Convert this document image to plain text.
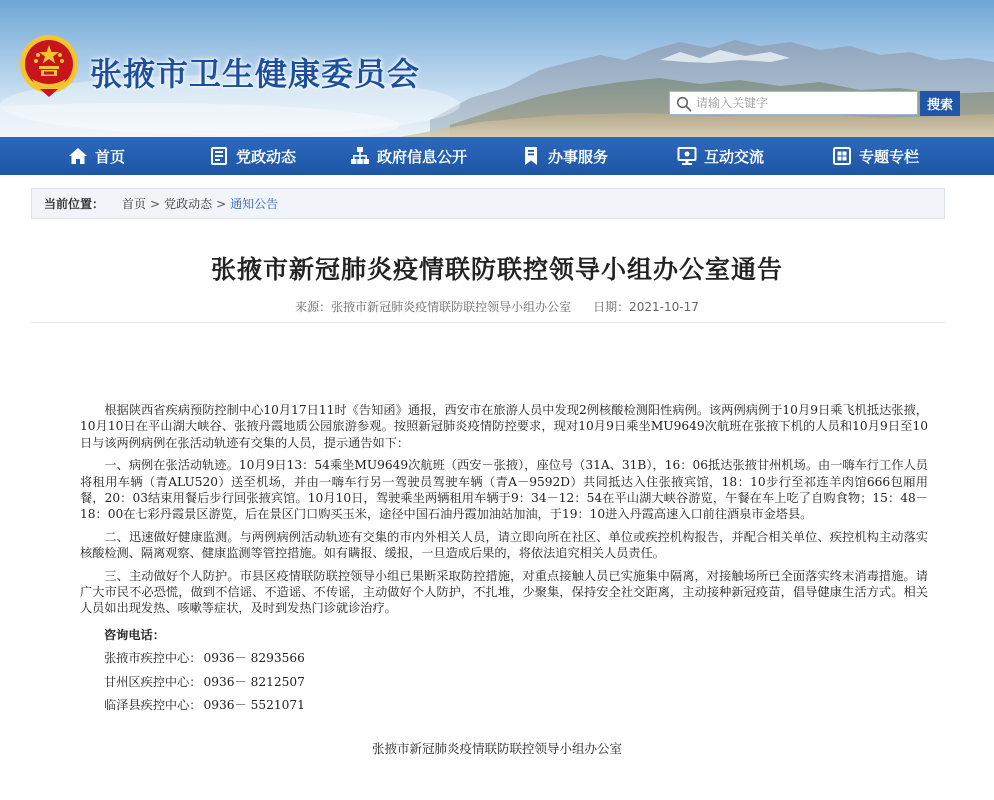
张掖市卫生健康委员会
请输入关键字
搜索
首页	党政动态	政府信息公开	办事服务	互动交流	专题专栏
当前位置： 首页 > 党政动态 > 通知公告
张掖市新冠肺炎疫情联防联控领导小组办公室通告
来源：张掖市新冠肺炎疫情联防联控领导小组办公室 日期：2021-10-17

根据陕西省疾病预防控制中心10月17日11时《告知函》通报，西安市在旅游人员中发现2例核酸检测阳性病例。该两例病例于10月9日乘飞机抵达张掖，10月10日在平山湖大峡谷、张掖丹霞地质公园旅游参观。按照新冠肺炎疫情防控要求，现对10月9日乘坐MU9649次航班在张掖下机的人员和10月9日至10日与该两例病例在张活动轨迹有交集的人员，提示通告如下：

一、病例在张活动轨迹。10月9日13：54乘坐MU9649次航班（西安－张掖），座位号（31A、31B），16：06抵达张掖甘州机场。由一嗨车行工作人员将租用车辆（青ALU520）送至机场，并由一嗨车行另一驾驶员驾驶车辆（青A－9592D）共同抵达入住张掖宾馆，18：10步行至祁连羊肉馆666包厢用餐，20：03结束用餐后步行回张掖宾馆。10月10日，驾驶乘坐两辆租用车辆于9：34－12：54在平山湖大峡谷游览，午餐在车上吃了自购食物；15：48－18：00在七彩丹霞景区游览，后在景区门口购买玉米，途径中国石油丹霞加油站加油，于19：10进入丹霞高速入口前往酒泉市金塔县。

二、迅速做好健康监测。与两例病例活动轨迹有交集的市内外相关人员，请立即向所在社区、单位或疾控机构报告，并配合相关单位、疾控机构主动落实核酸检测、隔离观察、健康监测等管控措施。如有瞒报、缓报，一旦造成后果的，将依法追究相关人员责任。

三、主动做好个人防护。市县区疫情联防联控领导小组已果断采取防控措施，对重点接触人员已实施集中隔离，对接触场所已全面落实终末消毒措施。请广大市民不必恐慌，做到不信谣、不造谣、不传谣，主动做好个人防护，不扎堆，少聚集，保持安全社交距离，主动接种新冠疫苗，倡导健康生活方式。相关人员如出现发热、咳嗽等症状，及时到发热门诊就诊治疗。

咨询电话：
张掖市疾控中心： 0936－ 8293566
甘州区疾控中心： 0936－ 8212507
临泽县疾控中心： 0936－ 5521071
张掖市新冠肺炎疫情联防联控领导小组办公室
